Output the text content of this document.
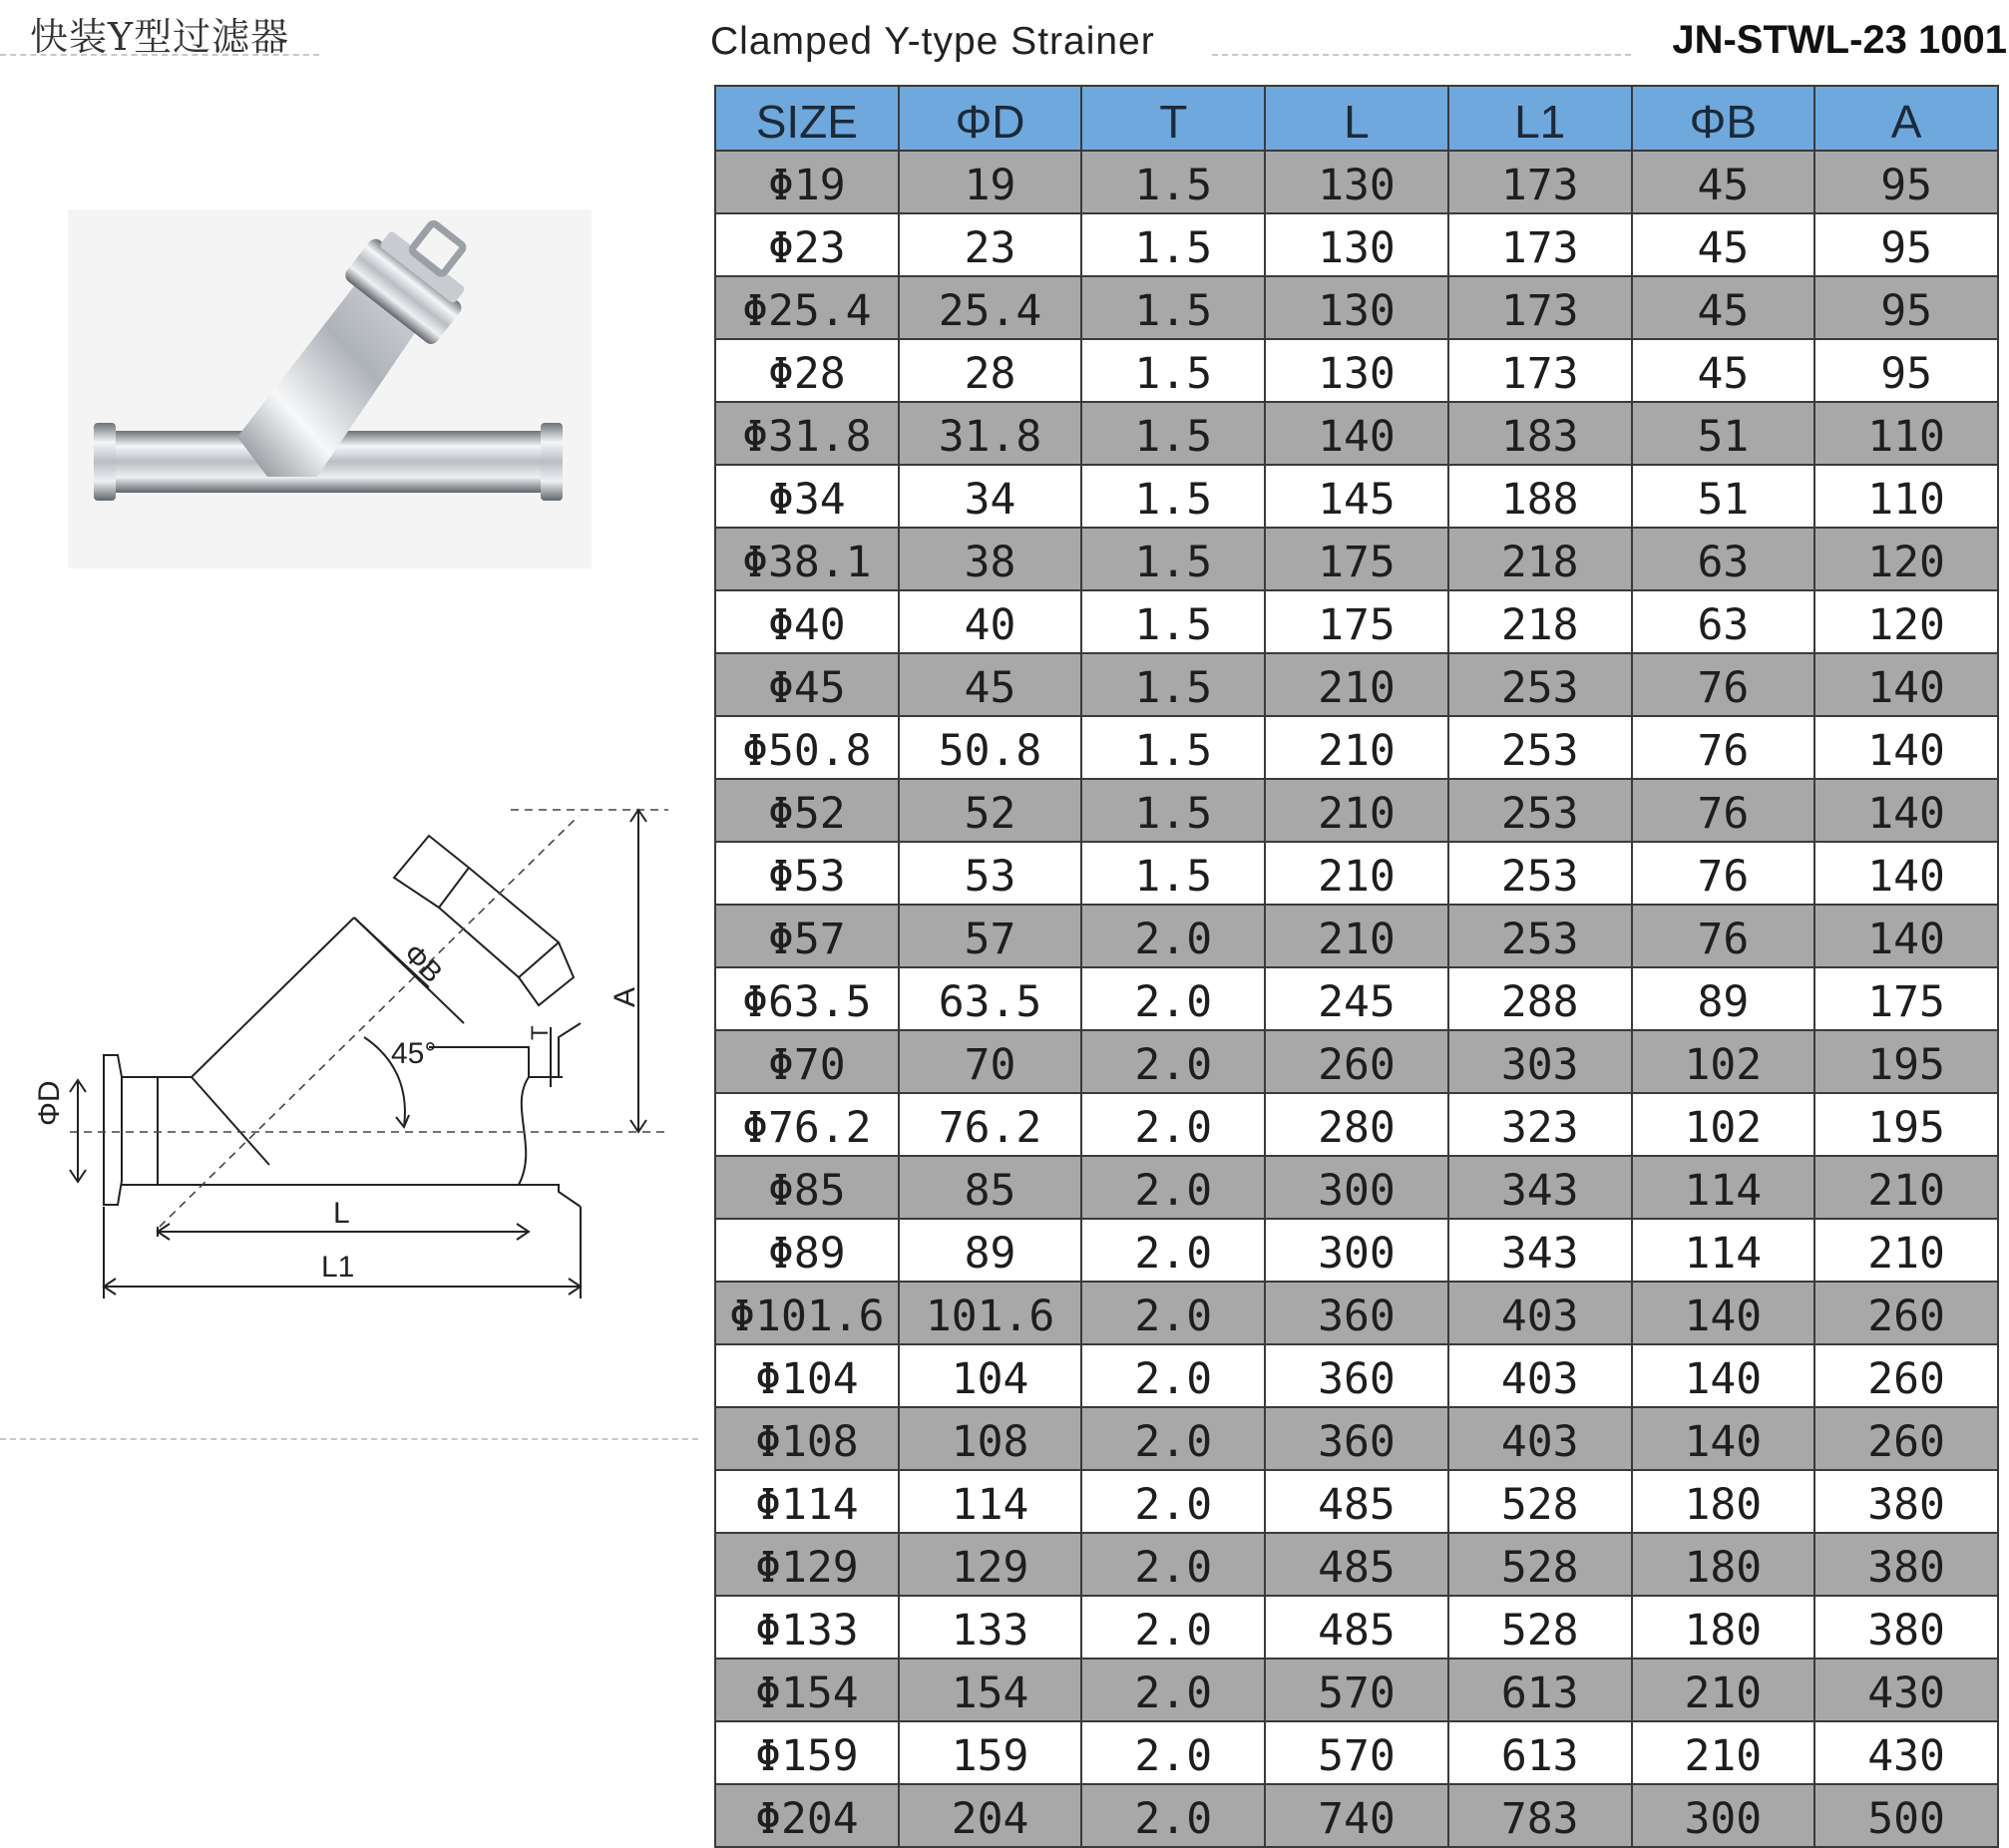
快装Y型过滤器	Clamped Y-type Strainer	JN-STWL-23 1001
ΦD
ΦB
T
A
L
L1
45°
SIZE	ΦD	T	L	L1	ΦB	A
Φ19	19	1.5	130	173	45	95
Φ23	23	1.5	130	173	45	95
Φ25.4	25.4	1.5	130	173	45	95
Φ28	28	1.5	130	173	45	95
Φ31.8	31.8	1.5	140	183	51	110
Φ34	34	1.5	145	188	51	110
Φ38.1	38	1.5	175	218	63	120
Φ40	40	1.5	175	218	63	120
Φ45	45	1.5	210	253	76	140
Φ50.8	50.8	1.5	210	253	76	140
Φ52	52	1.5	210	253	76	140
Φ53	53	1.5	210	253	76	140
Φ57	57	2.0	210	253	76	140
Φ63.5	63.5	2.0	245	288	89	175
Φ70	70	2.0	260	303	102	195
Φ76.2	76.2	2.0	280	323	102	195
Φ85	85	2.0	300	343	114	210
Φ89	89	2.0	300	343	114	210
Φ101.6	101.6	2.0	360	403	140	260
Φ104	104	2.0	360	403	140	260
Φ108	108	2.0	360	403	140	260
Φ114	114	2.0	485	528	180	380
Φ129	129	2.0	485	528	180	380
Φ133	133	2.0	485	528	180	380
Φ154	154	2.0	570	613	210	430
Φ159	159	2.0	570	613	210	430
Φ204	204	2.0	740	783	300	500
